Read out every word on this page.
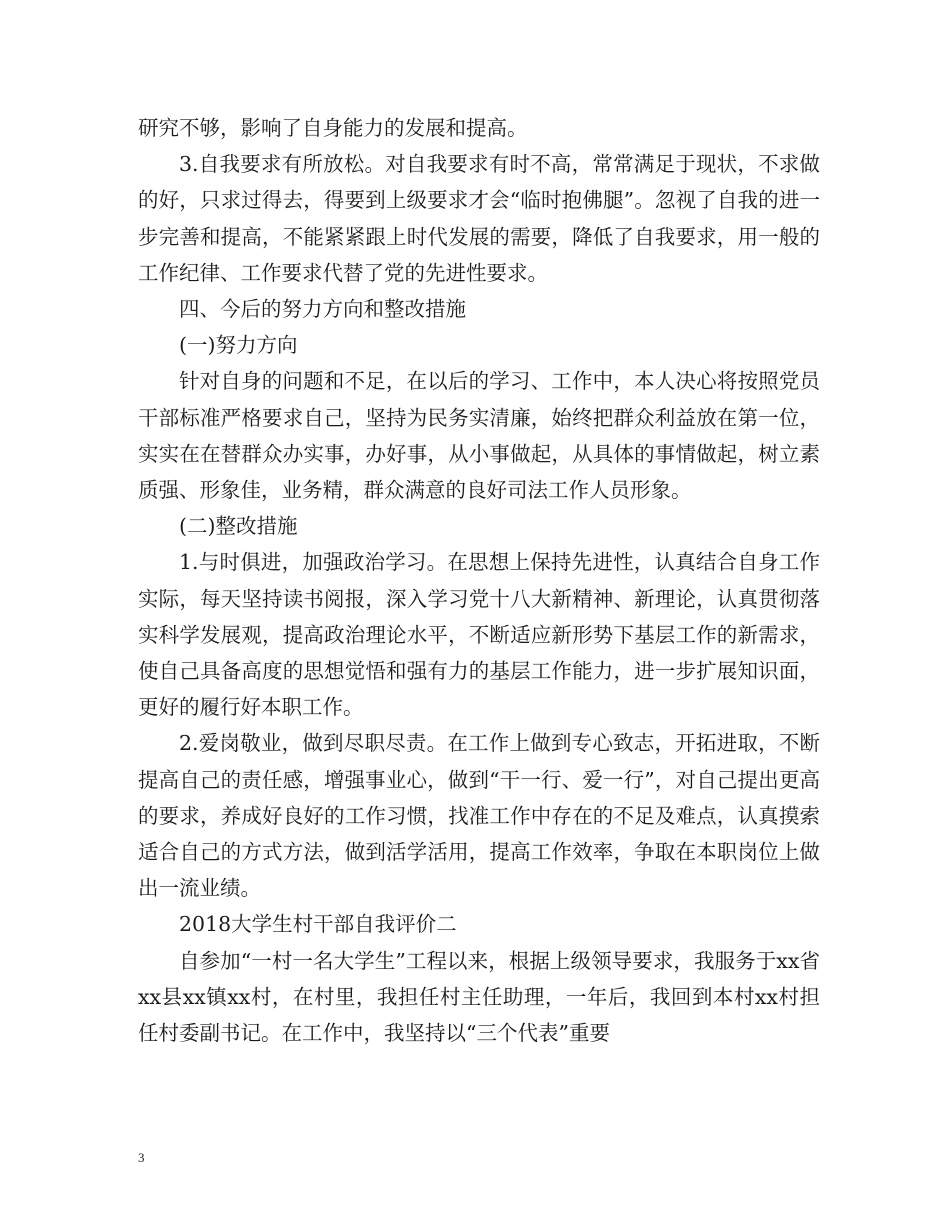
研究不够，影响了自身能力的发展和提高。

3.自我要求有所放松。对自我要求有时不高，常常满足于现状，不求做的好，只求过得去，得要到上级要求才会“临时抱佛腿”。忽视了自我的进一步完善和提高，不能紧紧跟上时代发展的需要，降低了自我要求，用一般的工作纪律、工作要求代替了党的先进性要求。

四、今后的努力方向和整改措施

(一)努力方向

针对自身的问题和不足，在以后的学习、工作中，本人决心将按照党员干部标准严格要求自己，坚持为民务实清廉，始终把群众利益放在第一位，实实在在替群众办实事，办好事，从小事做起，从具体的事情做起，树立素质强、形象佳，业务精，群众满意的良好司法工作人员形象。

(二)整改措施

1.与时俱进，加强政治学习。在思想上保持先进性，认真结合自身工作实际，每天坚持读书阅报，深入学习党十八大新精神、新理论，认真贯彻落实科学发展观，提高政治理论水平，不断适应新形势下基层工作的新需求，使自己具备高度的思想觉悟和强有力的基层工作能力，进一步扩展知识面，更好的履行好本职工作。

2.爱岗敬业，做到尽职尽责。在工作上做到专心致志，开拓进取，不断提高自己的责任感，增强事业心，做到“干一行、爱一行”，对自己提出更高的要求，养成好良好的工作习惯，找准工作中存在的不足及难点，认真摸索适合自己的方式方法，做到活学活用，提高工作效率，争取在本职岗位上做出一流业绩。

2018大学生村干部自我评价二

自参加“一村一名大学生”工程以来，根据上级领导要求，我服务于xx省xx县xx镇xx村，在村里，我担任村主任助理，一年后，我回到本村xx村担任村委副书记。在工作中，我坚持以“三个代表”重要

3
